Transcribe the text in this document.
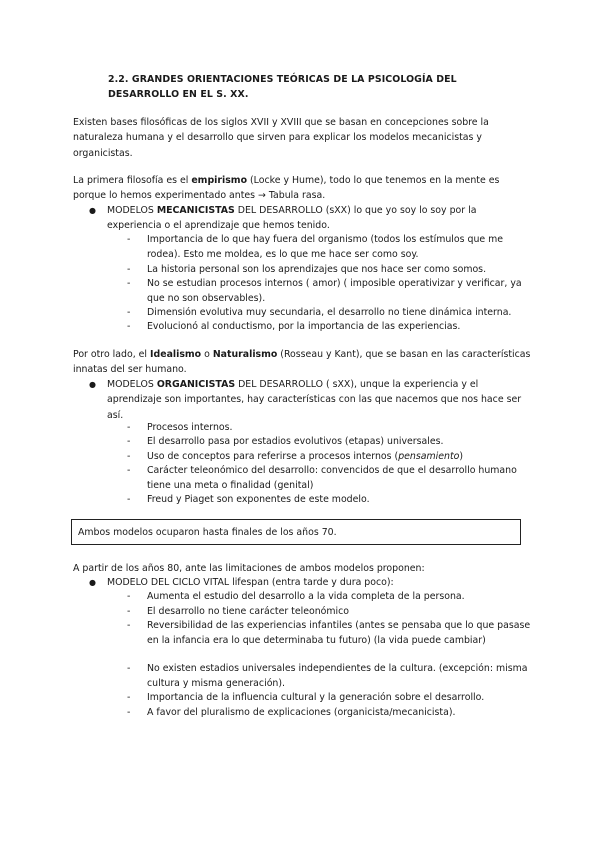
2.2. GRANDES ORIENTACIONES TEÓRICAS DE LA PSICOLOGÍA DEL DESARROLLO EN EL S. XX.

Existen bases filosóficas de los siglos XVII y XVIII que se basan en concepciones sobre la naturaleza humana y el desarrollo que sirven para explicar los modelos mecanicistas y organicistas.

La primera filosofía es el empirismo (Locke y Hume), todo lo que tenemos en la mente es porque lo hemos experimentado antes → Tabula rasa.

● MODELOS MECANICISTAS DEL DESARROLLO (sXX) lo que yo soy lo soy por la experiencia o el aprendizaje que hemos tenido.
- Importancia de lo que hay fuera del organismo (todos los estímulos que me rodea). Esto me moldea, es lo que me hace ser como soy.
- La historia personal son los aprendizajes que nos hace ser como somos.
- No se estudian procesos internos ( amor) ( imposible operativizar y verificar, ya que no son observables).
- Dimensión evolutiva muy secundaria, el desarrollo no tiene dinámica interna.
- Evolucionó al conductismo, por la importancia de las experiencias.

Por otro lado, el Idealismo o Naturalismo (Rosseau y Kant), que se basan en las características innatas del ser humano.

● MODELOS ORGANICISTAS DEL DESARROLLO ( sXX), unque la experiencia y el aprendizaje son importantes, hay características con las que nacemos que nos hace ser así.
- Procesos internos.
- El desarrollo pasa por estadios evolutivos (etapas) universales.
- Uso de conceptos para referirse a procesos internos (pensamiento)
- Carácter teleonómico del desarrollo: convencidos de que el desarrollo humano tiene una meta o finalidad (genital)
- Freud y Piaget son exponentes de este modelo.
Ambos modelos ocuparon hasta finales de los años 70.

A partir de los años 80, ante las limitaciones de ambos modelos proponen:

● MODELO DEL CICLO VITAL lifespan (entra tarde y dura poco):
- Aumenta el estudio del desarrollo a la vida completa de la persona.
- El desarrollo no tiene carácter teleonómico
- Reversibilidad de las experiencias infantiles (antes se pensaba que lo que pasase en la infancia era lo que determinaba tu futuro) (la vida puede cambiar)
- No existen estadios universales independientes de la cultura. (excepción: misma cultura y misma generación).
- Importancia de la influencia cultural y la generación sobre el desarrollo.
- A favor del pluralismo de explicaciones (organicista/mecanicista).
